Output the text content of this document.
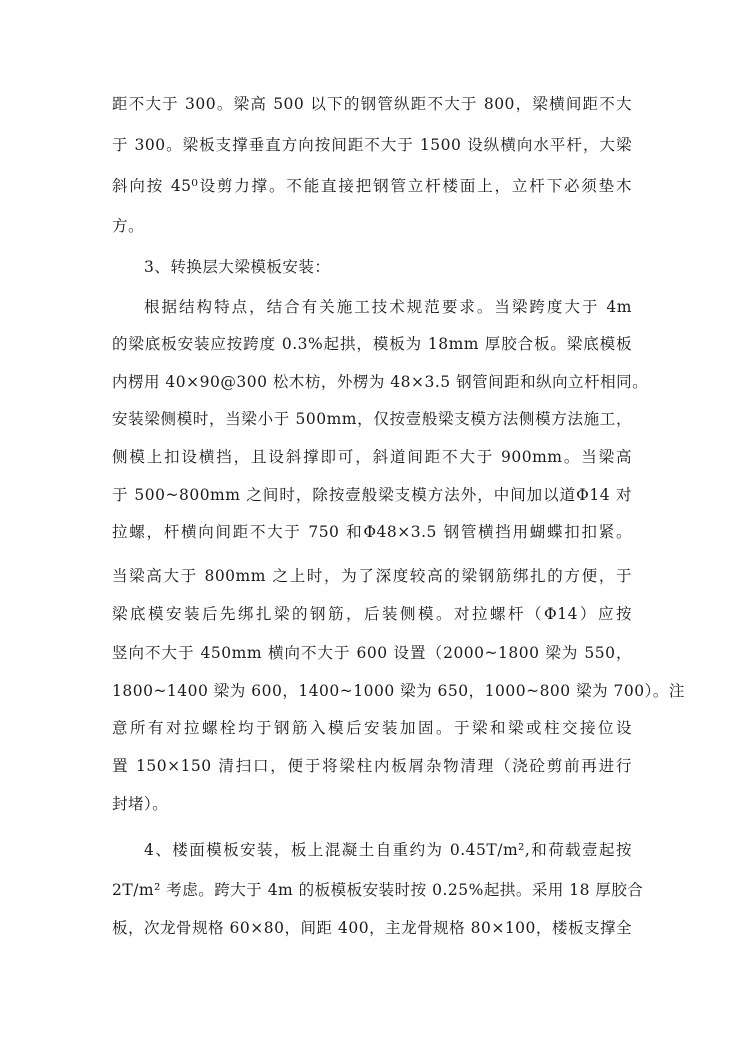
距不大于 300。梁高 500 以下的钢管纵距不大于 800，梁横间距不大
于 300。梁板支撑垂直方向按间距不大于 1500 设纵横向水平杆，大梁
斜向按 45⁰设剪力撑。不能直接把钢管立杆楼面上，立杆下必须垫木
方。
3、转换层大梁模板安装：
根据结构特点，结合有关施工技术规范要求。当梁跨度大于 4m
的梁底板安装应按跨度 0.3%起拱，模板为 18mm 厚胶合板。梁底模板
内楞用 40×90@300 松木枋，外楞为 48×3.5 钢管间距和纵向立杆相同。
安装梁侧模时，当梁小于 500mm，仅按壹般梁支模方法侧模方法施工，
侧模上扣设横挡，且设斜撑即可，斜道间距不大于 900mm。当梁高
于 500~800mm 之间时，除按壹般梁支模方法外，中间加以道Φ14 对
拉螺，杆横向间距不大于 750 和Φ48×3.5 钢管横挡用蝴蝶扣扣紧。
当梁高大于 800mm 之上时，为了深度较高的梁钢筋绑扎的方便，于
梁底模安装后先绑扎梁的钢筋，后装侧模。对拉螺杆（Φ14）应按
竖向不大于 450mm 横向不大于 600 设置（2000~1800 梁为 550，
1800~1400 梁为 600，1400~1000 梁为 650，1000~800 梁为 700）。注
意所有对拉螺栓均于钢筋入模后安装加固。于梁和梁或柱交接位设
置 150×150 清扫口，便于将梁柱内板屑杂物清理（浇砼剪前再进行
封堵）。
4、楼面模板安装，板上混凝土自重约为 0.45T/m²,和荷载壹起按
2T/m² 考虑。跨大于 4m 的板模板安装时按 0.25%起拱。采用 18 厚胶合
板，次龙骨规格 60×80，间距 400，主龙骨规格 80×100，楼板支撑全
